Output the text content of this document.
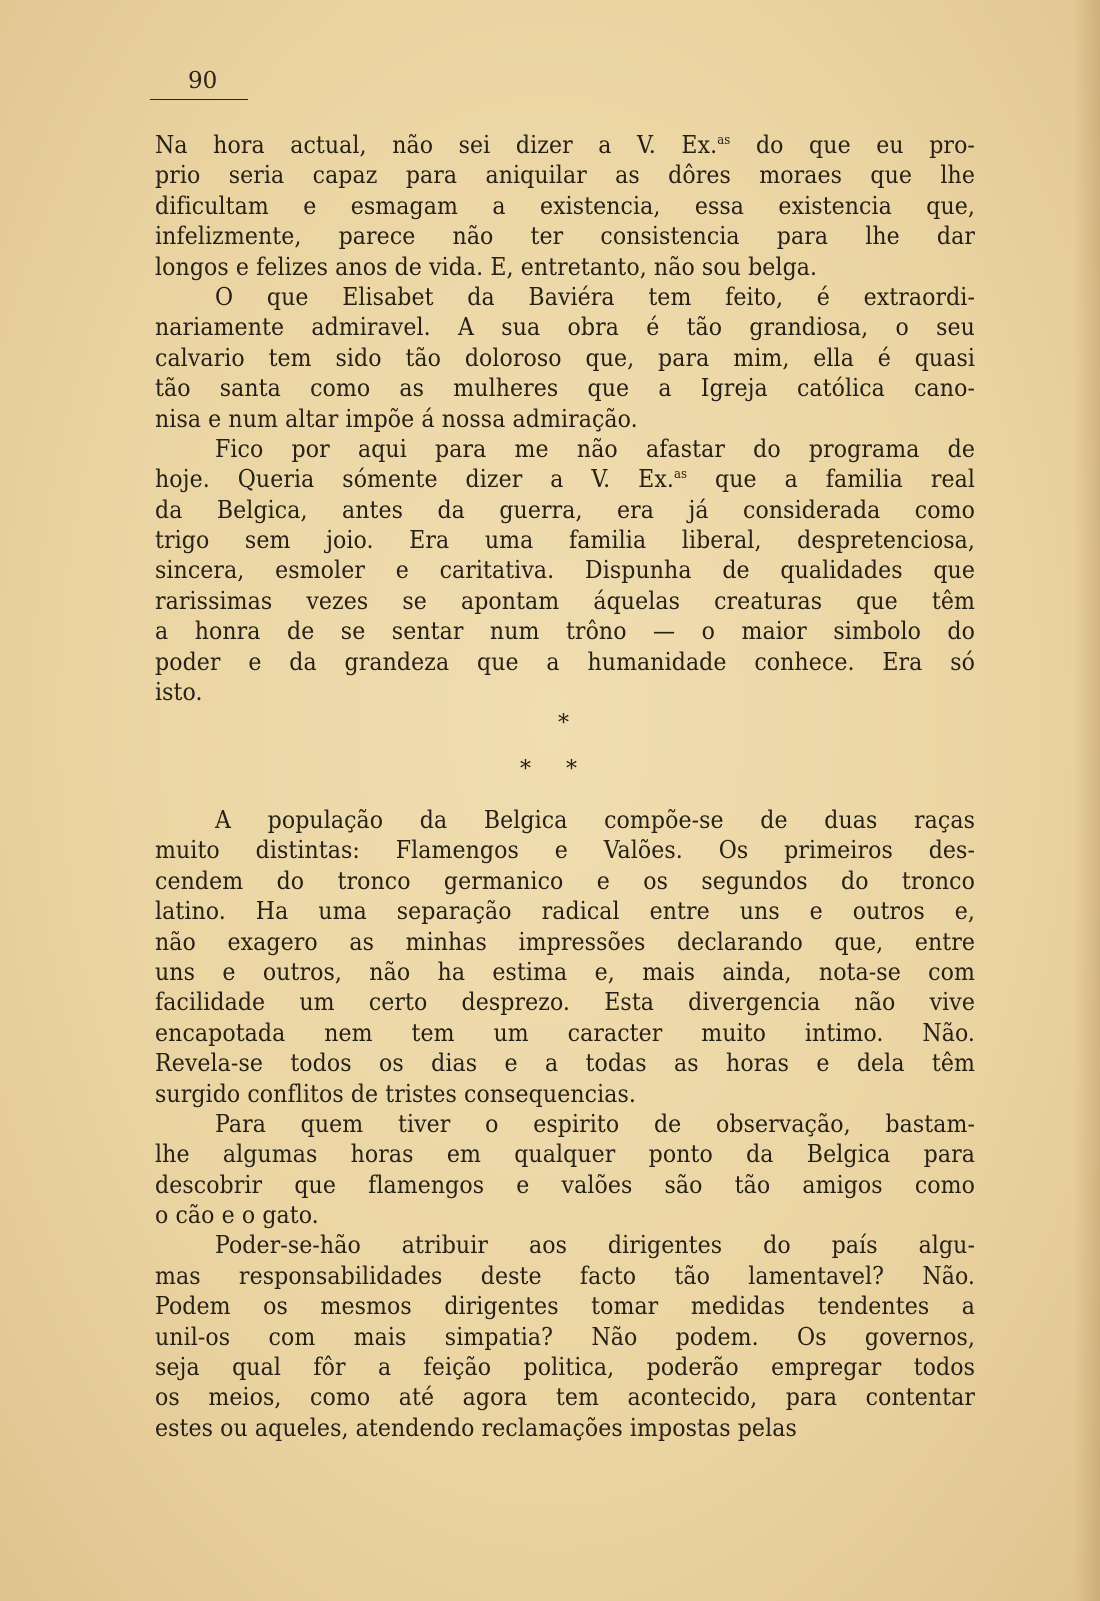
90
Na hora actual, não sei dizer a V. Ex.$^{as}$ do que eu pro-
prio seria capaz para aniquilar as dôres moraes que lhe
dificultam e esmagam a existencia, essa existencia que,
infelizmente, parece não ter consistencia para lhe dar
longos e felizes anos de vida. E, entretanto, não sou belga.
O que Elisabet da Baviéra tem feito, é extraordi-
nariamente admiravel. A sua obra é tão grandiosa, o seu
calvario tem sido tão doloroso que, para mim, ella é quasi
tão santa como as mulheres que a Igreja católica cano-
nisa e num altar impõe á nossa admiração.
Fico por aqui para me não afastar do programa de
hoje. Queria sómente dizer a V. Ex.$^{as}$ que a familia real
da Belgica, antes da guerra, era já considerada como
trigo sem joio. Era uma familia liberal, despretenciosa,
sincera, esmoler e caritativa. Dispunha de qualidades que
rarissimas vezes se apontam áquelas creaturas que têm
a honra de se sentar num trôno — o maior simbolo do
poder e da grandeza que a humanidade conhece. Era só
isto.
*
* *
A população da Belgica compõe-se de duas raças
muito distintas: Flamengos e Valões. Os primeiros des-
cendem do tronco germanico e os segundos do tronco
latino. Ha uma separação radical entre uns e outros e,
não exagero as minhas impressões declarando que, entre
uns e outros, não ha estima e, mais ainda, nota-se com
facilidade um certo desprezo. Esta divergencia não vive
encapotada nem tem um caracter muito intimo. Não.
Revela-se todos os dias e a todas as horas e dela têm
surgido conflitos de tristes consequencias.
Para quem tiver o espirito de observação, bastam-
lhe algumas horas em qualquer ponto da Belgica para
descobrir que flamengos e valões são tão amigos como
o cão e o gato.
Poder-se-hão atribuir aos dirigentes do país algu-
mas responsabilidades deste facto tão lamentavel? Não.
Podem os mesmos dirigentes tomar medidas tendentes a
unil-os com mais simpatia? Não podem. Os governos,
seja qual fôr a feição politica, poderão empregar todos
os meios, como até agora tem acontecido, para contentar
estes ou aqueles, atendendo reclamações impostas pelas
